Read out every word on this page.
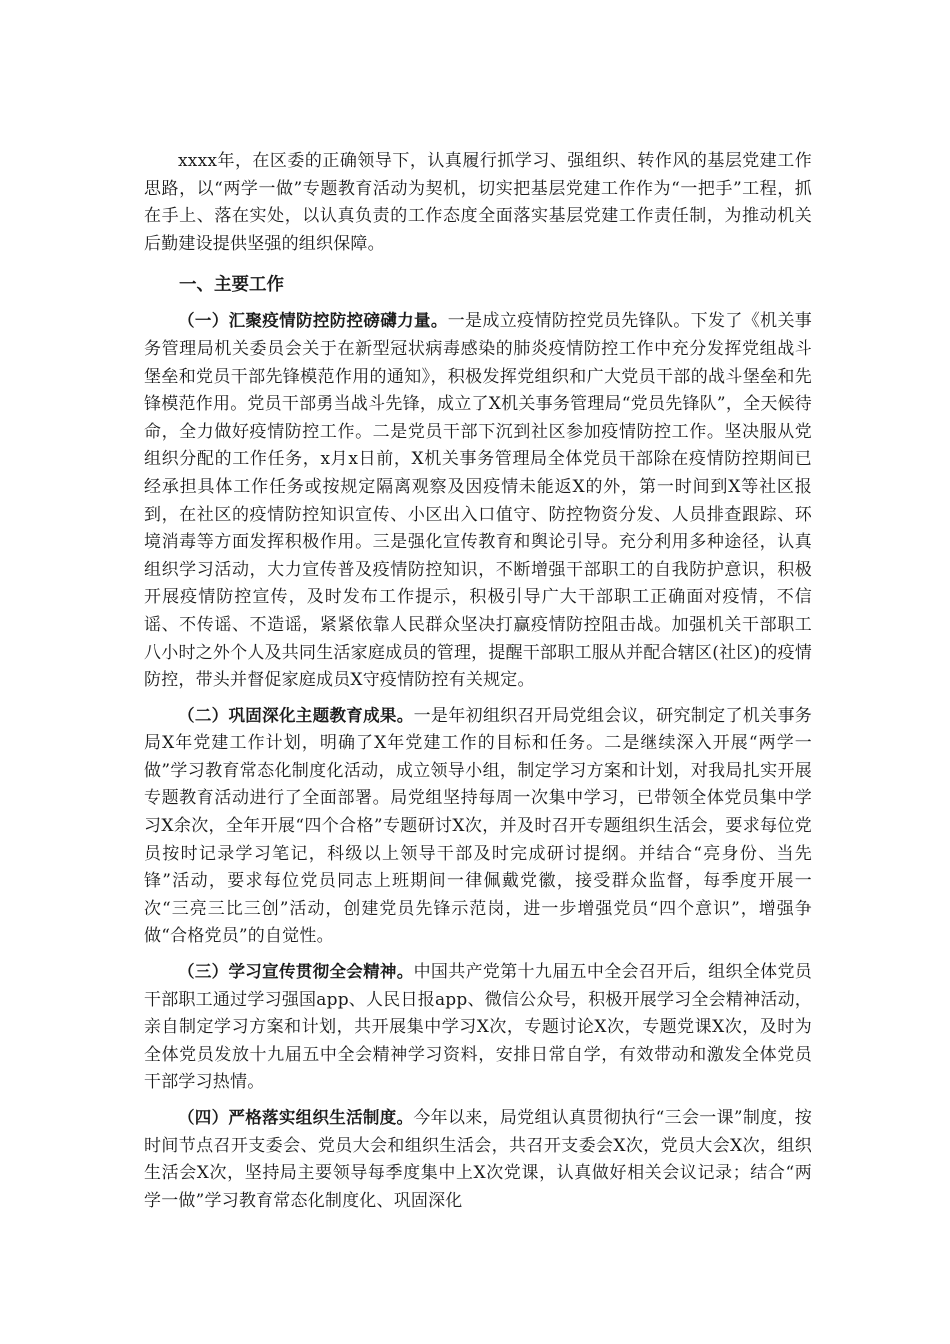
xxxx年，在区委的正确领导下，认真履行抓学习、强组织、转作风的基层党建工作思路，以“两学一做”专题教育活动为契机，切实把基层党建工作作为“一把手”工程，抓在手上、落在实处，以认真负责的工作态度全面落实基层党建工作责任制，为推动机关后勤建设提供坚强的组织保障。

一、主要工作

（一）汇聚疫情防控防控磅礴力量。一是成立疫情防控党员先锋队。下发了《机关事务管理局机关委员会关于在新型冠状病毒感染的肺炎疫情防控工作中充分发挥党组战斗堡垒和党员干部先锋模范作用的通知》，积极发挥党组织和广大党员干部的战斗堡垒和先锋模范作用。党员干部勇当战斗先锋，成立了X机关事务管理局“党员先锋队”，全天候待命，全力做好疫情防控工作。二是党员干部下沉到社区参加疫情防控工作。坚决服从党组织分配的工作任务，x月x日前，X机关事务管理局全体党员干部除在疫情防控期间已经承担具体工作任务或按规定隔离观察及因疫情未能返X的外，第一时间到X等社区报到，在社区的疫情防控知识宣传、小区出入口值守、防控物资分发、人员排查跟踪、环境消毒等方面发挥积极作用。三是强化宣传教育和舆论引导。充分利用多种途径，认真组织学习活动，大力宣传普及疫情防控知识，不断增强干部职工的自我防护意识，积极开展疫情防控宣传，及时发布工作提示，积极引导广大干部职工正确面对疫情，不信谣、不传谣、不造谣，紧紧依靠人民群众坚决打赢疫情防控阻击战。加强机关干部职工八小时之外个人及共同生活家庭成员的管理，提醒干部职工服从并配合辖区(社区)的疫情防控，带头并督促家庭成员X守疫情防控有关规定。

（二）巩固深化主题教育成果。一是年初组织召开局党组会议，研究制定了机关事务局X年党建工作计划，明确了X年党建工作的目标和任务。二是继续深入开展“两学一做”学习教育常态化制度化活动，成立领导小组，制定学习方案和计划，对我局扎实开展专题教育活动进行了全面部署。局党组坚持每周一次集中学习，已带领全体党员集中学习X余次，全年开展“四个合格”专题研讨X次，并及时召开专题组织生活会，要求每位党员按时记录学习笔记，科级以上领导干部及时完成研讨提纲。并结合“亮身份、当先锋”活动，要求每位党员同志上班期间一律佩戴党徽，接受群众监督，每季度开展一次“三亮三比三创”活动，创建党员先锋示范岗，进一步增强党员“四个意识”，增强争做“合格党员”的自觉性。

（三）学习宣传贯彻全会精神。中国共产党第十九届五中全会召开后，组织全体党员干部职工通过学习强国app、人民日报app、微信公众号，积极开展学习全会精神活动，亲自制定学习方案和计划，共开展集中学习X次，专题讨论X次，专题党课X次，及时为全体党员发放十九届五中全会精神学习资料，安排日常自学，有效带动和激发全体党员干部学习热情。

（四）严格落实组织生活制度。今年以来，局党组认真贯彻执行“三会一课”制度，按时间节点召开支委会、党员大会和组织生活会，共召开支委会X次，党员大会X次，组织生活会X次，坚持局主要领导每季度集中上X次党课，认真做好相关会议记录；结合“两学一做”学习教育常态化制度化、巩固深化
